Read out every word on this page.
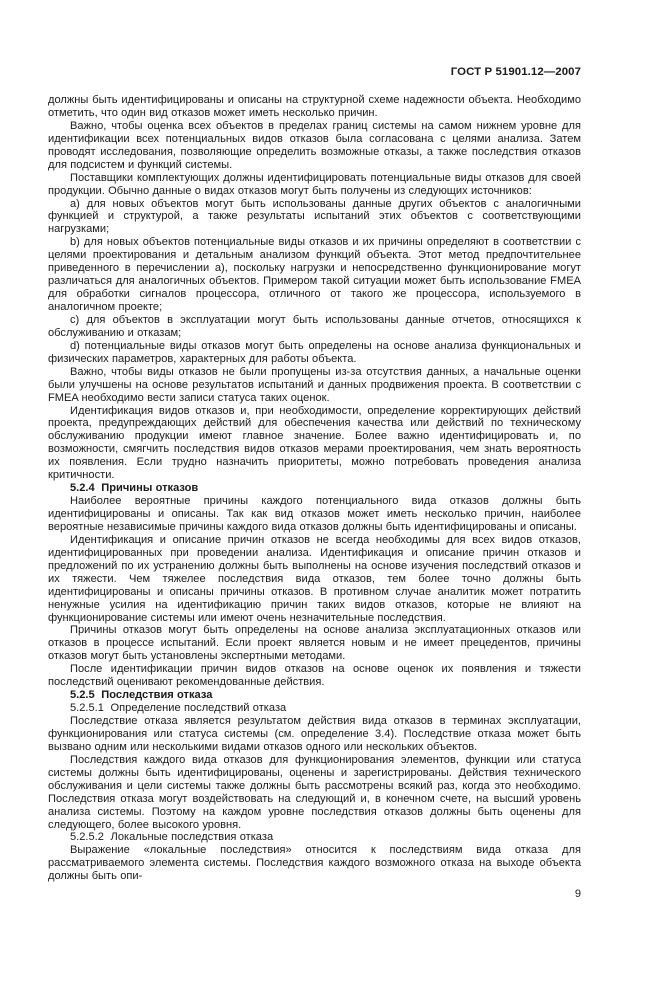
ГОСТ Р 51901.12—2007

должны быть идентифицированы и описаны на структурной схеме надежности объекта. Необходимо отметить, что один вид отказов может иметь несколько причин.

Важно, чтобы оценка всех объектов в пределах границ системы на самом нижнем уровне для идентификации всех потенциальных видов отказов была согласована с целями анализа. Затем проводят исследования, позволяющие определить возможные отказы, а также последствия отказов для подсистем и функций системы.

Поставщики комплектующих должны идентифицировать потенциальные виды отказов для своей продукции. Обычно данные о видах отказов могут быть получены из следующих источников:

a) для новых объектов могут быть использованы данные других объектов с аналогичными функцией и структурой, а также результаты испытаний этих объектов с соответствующими нагрузками;

b) для новых объектов потенциальные виды отказов и их причины определяют в соответствии с целями проектирования и детальным анализом функций объекта. Этот метод предпочтительнее приведенного в перечислении a), поскольку нагрузки и непосредственно функционирование могут различаться для аналогичных объектов. Примером такой ситуации может быть использование FMEA для обработки сигналов процессора, отличного от такого же процессора, используемого в аналогичном проекте;

c) для объектов в эксплуатации могут быть использованы данные отчетов, относящихся к обслуживанию и отказам;

d) потенциальные виды отказов могут быть определены на основе анализа функциональных и физических параметров, характерных для работы объекта.

Важно, чтобы виды отказов не были пропущены из-за отсутствия данных, а начальные оценки были улучшены на основе результатов испытаний и данных продвижения проекта. В соответствии с FMEA необходимо вести записи статуса таких оценок.

Идентификация видов отказов и, при необходимости, определение корректирующих действий проекта, предупреждающих действий для обеспечения качества или действий по техническому обслуживанию продукции имеют главное значение. Более важно идентифицировать и, по возможности, смягчить последствия видов отказов мерами проектирования, чем знать вероятность их появления. Если трудно назначить приоритеты, можно потребовать проведения анализа критичности.

5.2.4  Причины отказов

Наиболее вероятные причины каждого потенциального вида отказов должны быть идентифицированы и описаны. Так как вид отказов может иметь несколько причин, наиболее вероятные независимые причины каждого вида отказов должны быть идентифицированы и описаны.

Идентификация и описание причин отказов не всегда необходимы для всех видов отказов, идентифицированных при проведении анализа. Идентификация и описание причин отказов и предложений по их устранению должны быть выполнены на основе изучения последствий отказов и их тяжести. Чем тяжелее последствия вида отказов, тем более точно должны быть идентифицированы и описаны причины отказов. В противном случае аналитик может потратить ненужные усилия на идентификацию причин таких видов отказов, которые не влияют на функционирование системы или имеют очень незначительные последствия.

Причины отказов могут быть определены на основе анализа эксплуатационных отказов или отказов в процессе испытаний. Если проект является новым и не имеет прецедентов, причины отказов могут быть установлены экспертными методами.

После идентификации причин видов отказов на основе оценок их появления и тяжести последствий оценивают рекомендованные действия.

5.2.5  Последствия отказа

5.2.5.1  Определение последствий отказа

Последствие отказа является результатом действия вида отказов в терминах эксплуатации, функционирования или статуса системы (см. определение 3.4). Последствие отказа может быть вызвано одним или несколькими видами отказов одного или нескольких объектов.

Последствия каждого вида отказов для функционирования элементов, функции или статуса системы должны быть идентифицированы, оценены и зарегистрированы. Действия технического обслуживания и цели системы также должны быть рассмотрены всякий раз, когда это необходимо. Последствия отказа могут воздействовать на следующий и, в конечном счете, на высший уровень анализа системы. Поэтому на каждом уровне последствия отказов должны быть оценены для следующего, более высокого уровня.

5.2.5.2  Локальные последствия отказа

Выражение «локальные последствия» относится к последствиям вида отказа для рассматриваемого элемента системы. Последствия каждого возможного отказа на выходе объекта должны быть опи-

9
